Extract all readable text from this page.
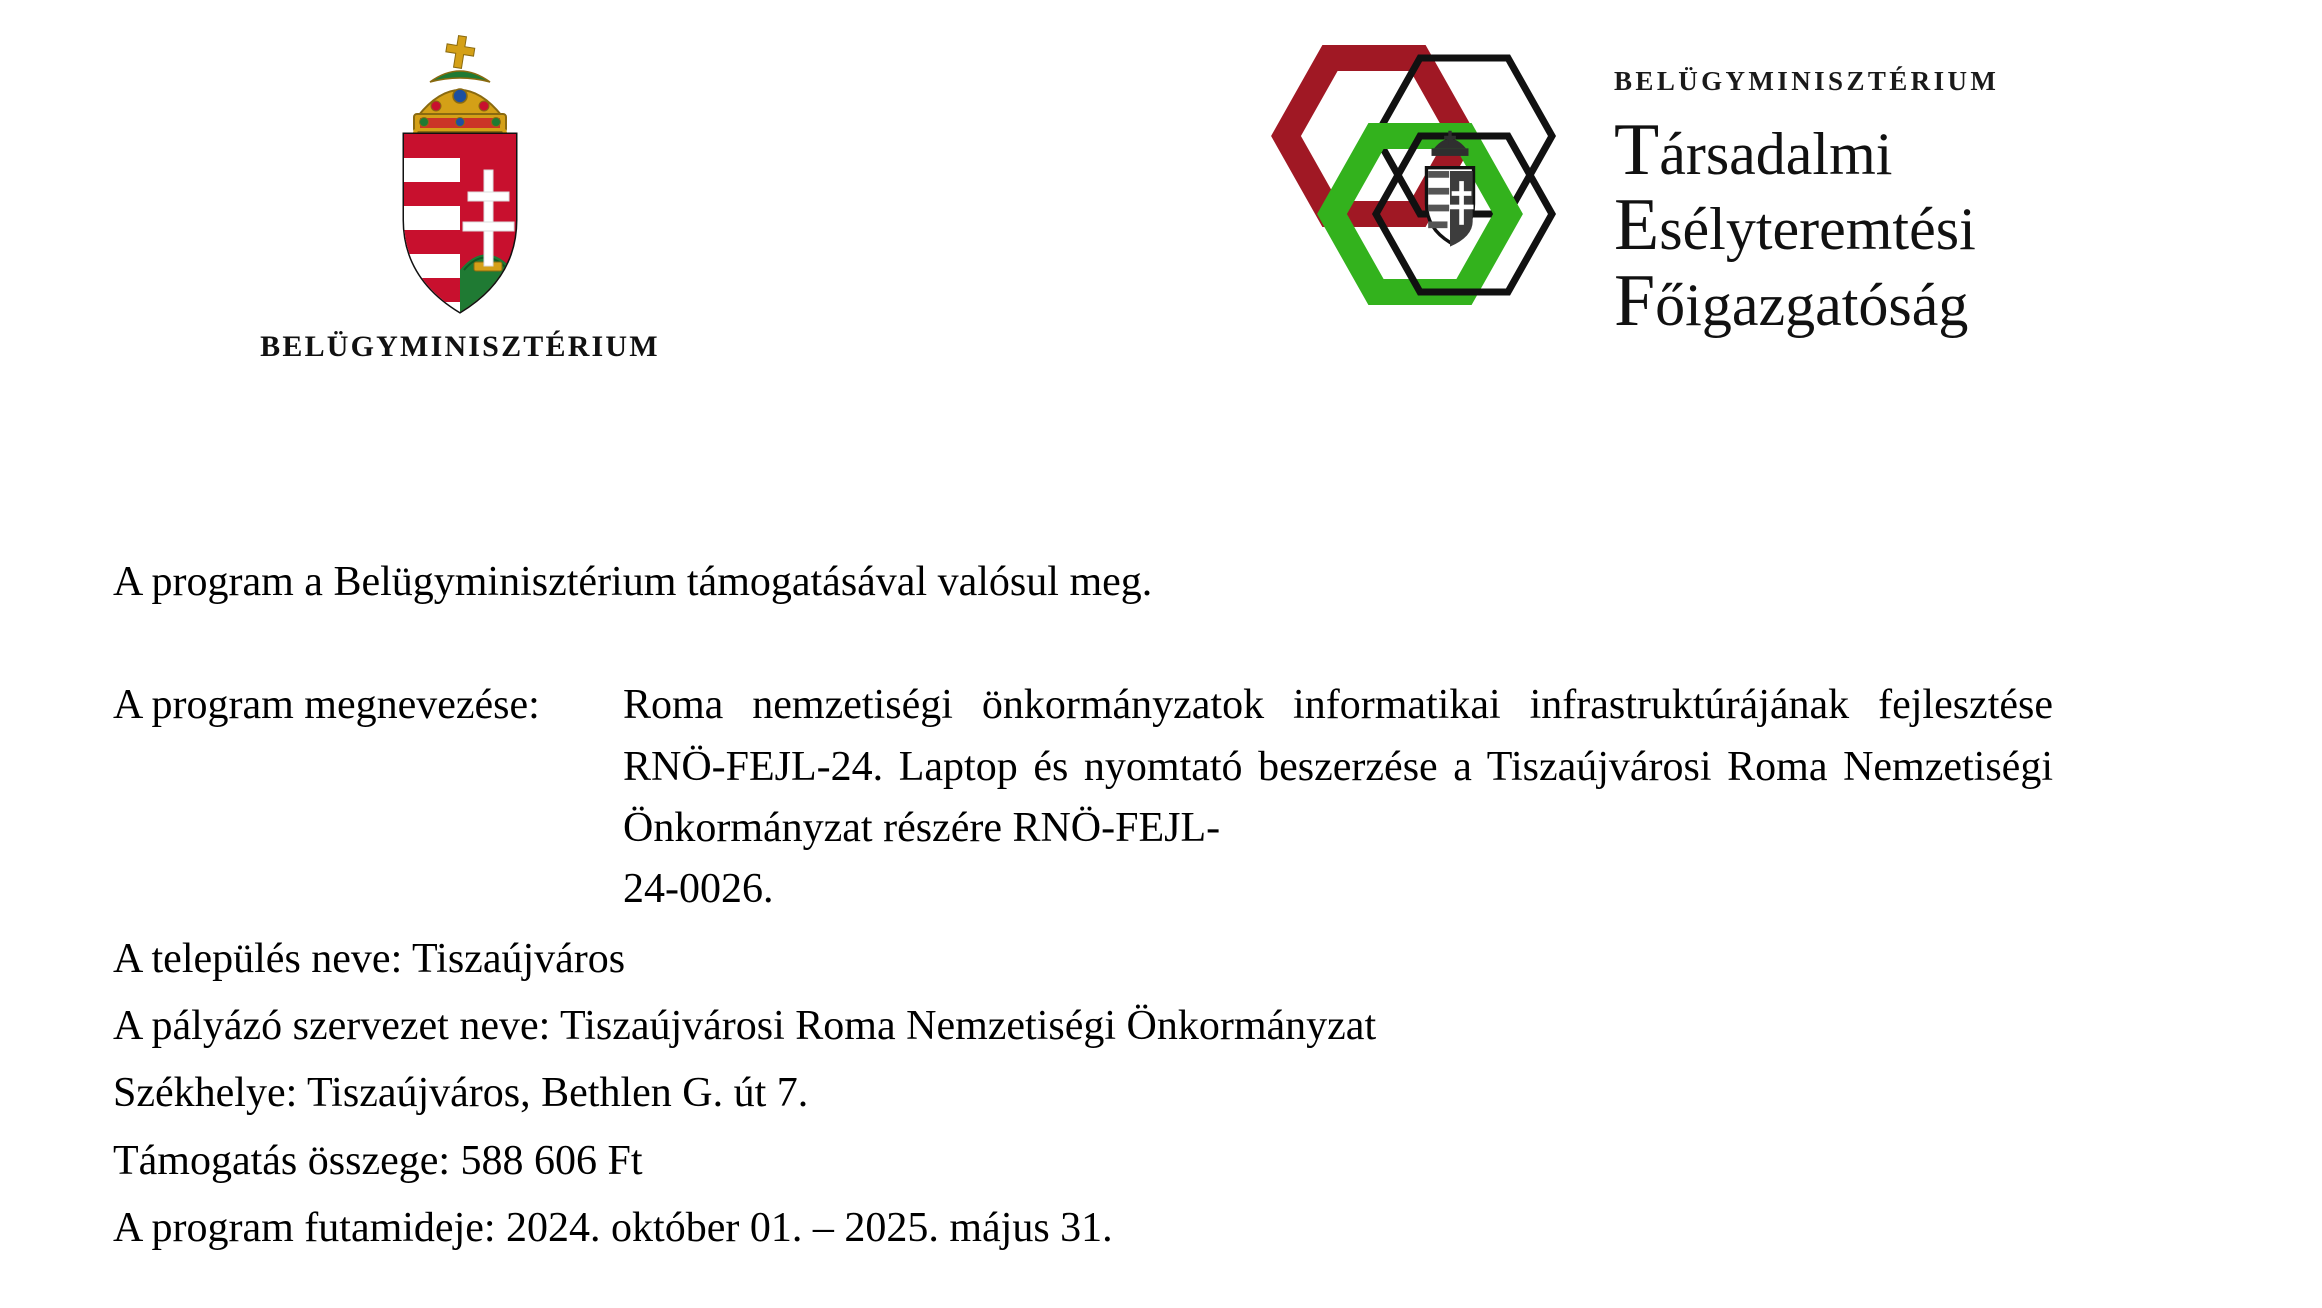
BELÜGYMINISZTÉRIUM
BELÜGYMINISZTÉRIUM
Társadalmi
Esélyteremtési
Főigazgatóság

A program a Belügyminisztérium támogatásával valósul meg.

A program megnevezése: Roma nemzetiségi önkormányzatok informatikai infrastruktúrájának fejlesztése RNÖ-FEJL-24. Laptop és nyomtató beszerzése a Tiszaújvárosi Roma Nemzetiségi Önkormányzat részére RNÖ-FEJL-
24-0026.

A település neve: Tiszaújváros

A pályázó szervezet neve: Tiszaújvárosi Roma Nemzetiségi Önkormányzat

Székhelye: Tiszaújváros, Bethlen G. út 7.

Támogatás összege: 588 606 Ft

A program futamideje: 2024. október 01. – 2025. május 31.
